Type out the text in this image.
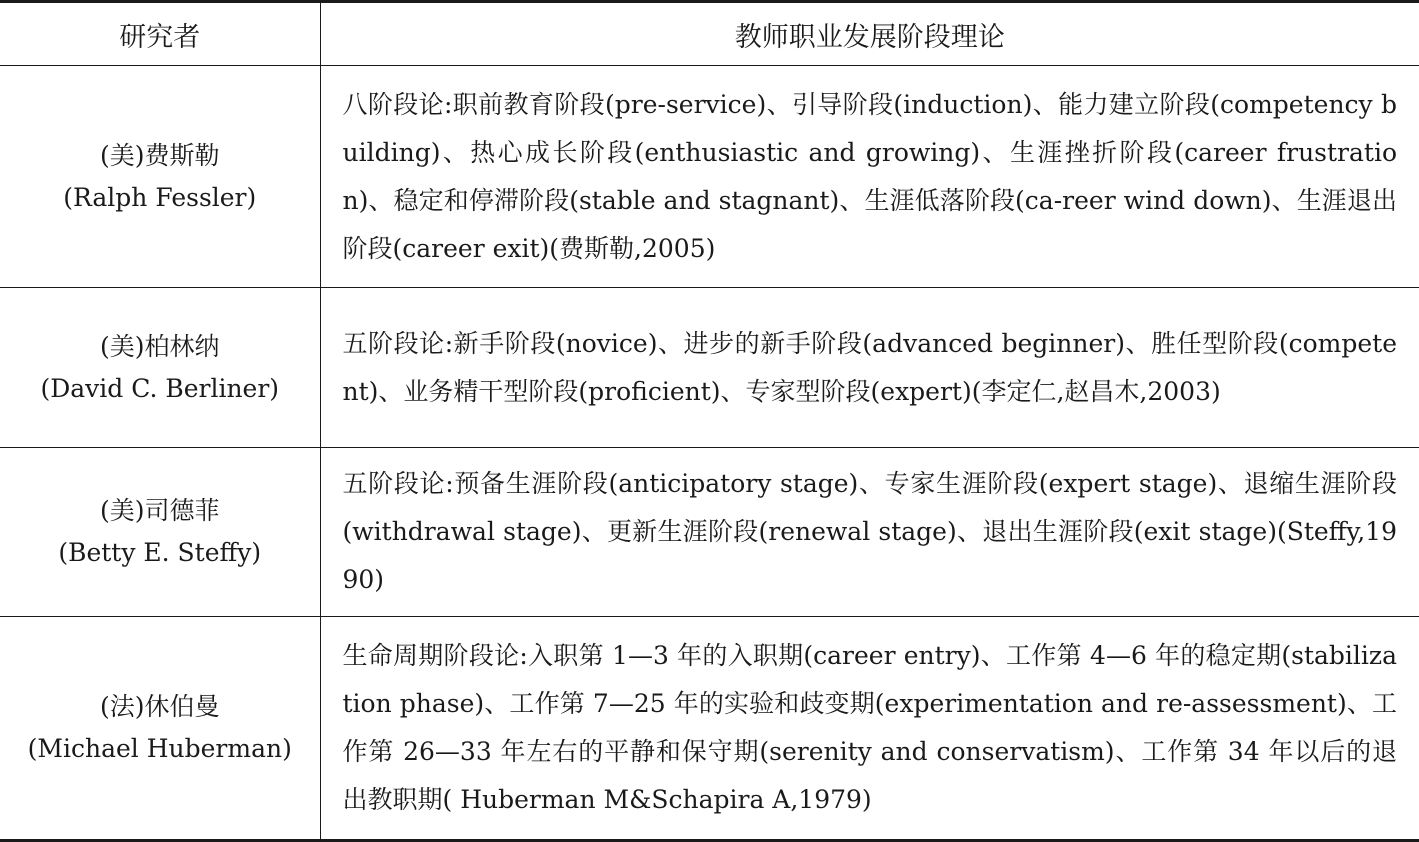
研究者	教师职业发展阶段理论

(美)费斯勒
(Ralph Fessler)	八阶段论:职前教育阶段(pre-service)、引导阶段(induction)、能力建立阶段(competency building)、热心成长阶段(enthusiastic and growing)、生涯挫折阶段(career frustration)、稳定和停滞阶段(stable and stagnant)、生涯低落阶段(ca-reer wind down)、生涯退出阶段(career exit)(费斯勒,2005)

(美)柏林纳
(David C. Berliner)	五阶段论:新手阶段(novice)、进步的新手阶段(advanced beginner)、胜任型阶段(competent)、业务精干型阶段(proficient)、专家型阶段(expert)(李定仁,赵昌木,2003)

(美)司德菲
(Betty E. Steffy)	五阶段论:预备生涯阶段(anticipatory stage)、专家生涯阶段(expert stage)、退缩生涯阶段(withdrawal stage)、更新生涯阶段(renewal stage)、退出生涯阶段(exit stage)(Steffy,1990)

(法)休伯曼
(Michael Huberman)	生命周期阶段论:入职第 1—3 年的入职期(career entry)、工作第 4—6 年的稳定期(stabilization phase)、工作第 7—25 年的实验和歧变期(experimentation and re-assessment)、工作第 26—33 年左右的平静和保守期(serenity and conservatism)、工作第 34 年以后的退出教职期( Huberman M&Schapira A,1979)
